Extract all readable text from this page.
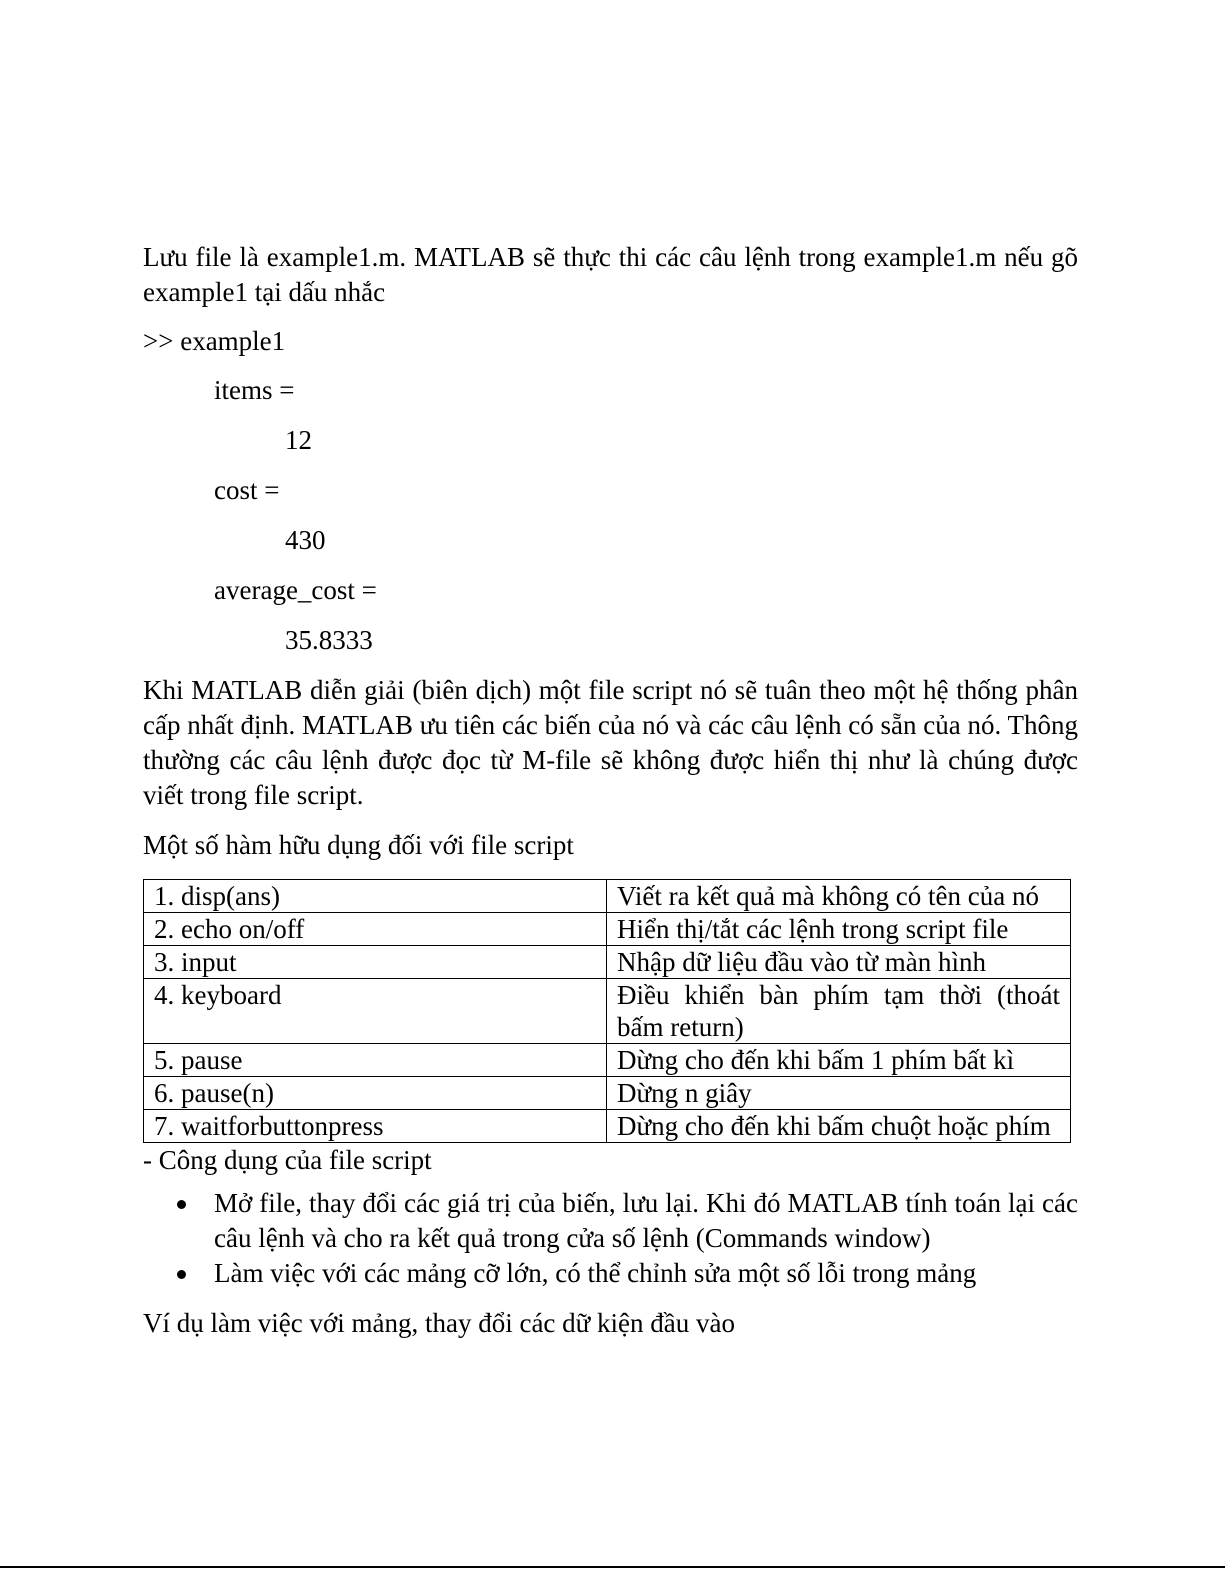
Lưu file là example1.m. MATLAB sẽ thực thi các câu lệnh trong example1.m nếu gõ example1 tại dấu nhắc

>> example1

items =

12

cost =

430

average_cost =

35.8333

Khi MATLAB diễn giải (biên dịch) một file script nó sẽ tuân theo một hệ thống phân cấp nhất định. MATLAB ưu tiên các biến của nó và các câu lệnh có sẵn của nó. Thông thường các câu lệnh được đọc từ M-file sẽ không được hiển thị như là chúng được viết trong file script.

Một số hàm hữu dụng đối với file script

1. disp(ans)	Viết ra kết quả mà không có tên của nó
2. echo on/off	Hiển thị/tắt các lệnh trong script file
3. input	Nhập dữ liệu đầu vào từ màn hình
4. keyboard	Điều khiển bàn phím tạm thời (thoát bấm return)
5. pause	Dừng cho đến khi bấm 1 phím bất kì
6. pause(n)	Dừng n giây
7. waitforbuttonpress	Dừng cho đến khi bấm chuột hoặc phím

- Công dụng của file script

Mở file, thay đổi các giá trị của biến, lưu lại. Khi đó MATLAB tính toán lại các câu lệnh và cho ra kết quả trong cửa số lệnh (Commands window)
Làm việc với các mảng cỡ lớn, có thể chỉnh sửa một số lỗi trong mảng

Ví dụ làm việc với mảng, thay đổi các dữ kiện đầu vào
